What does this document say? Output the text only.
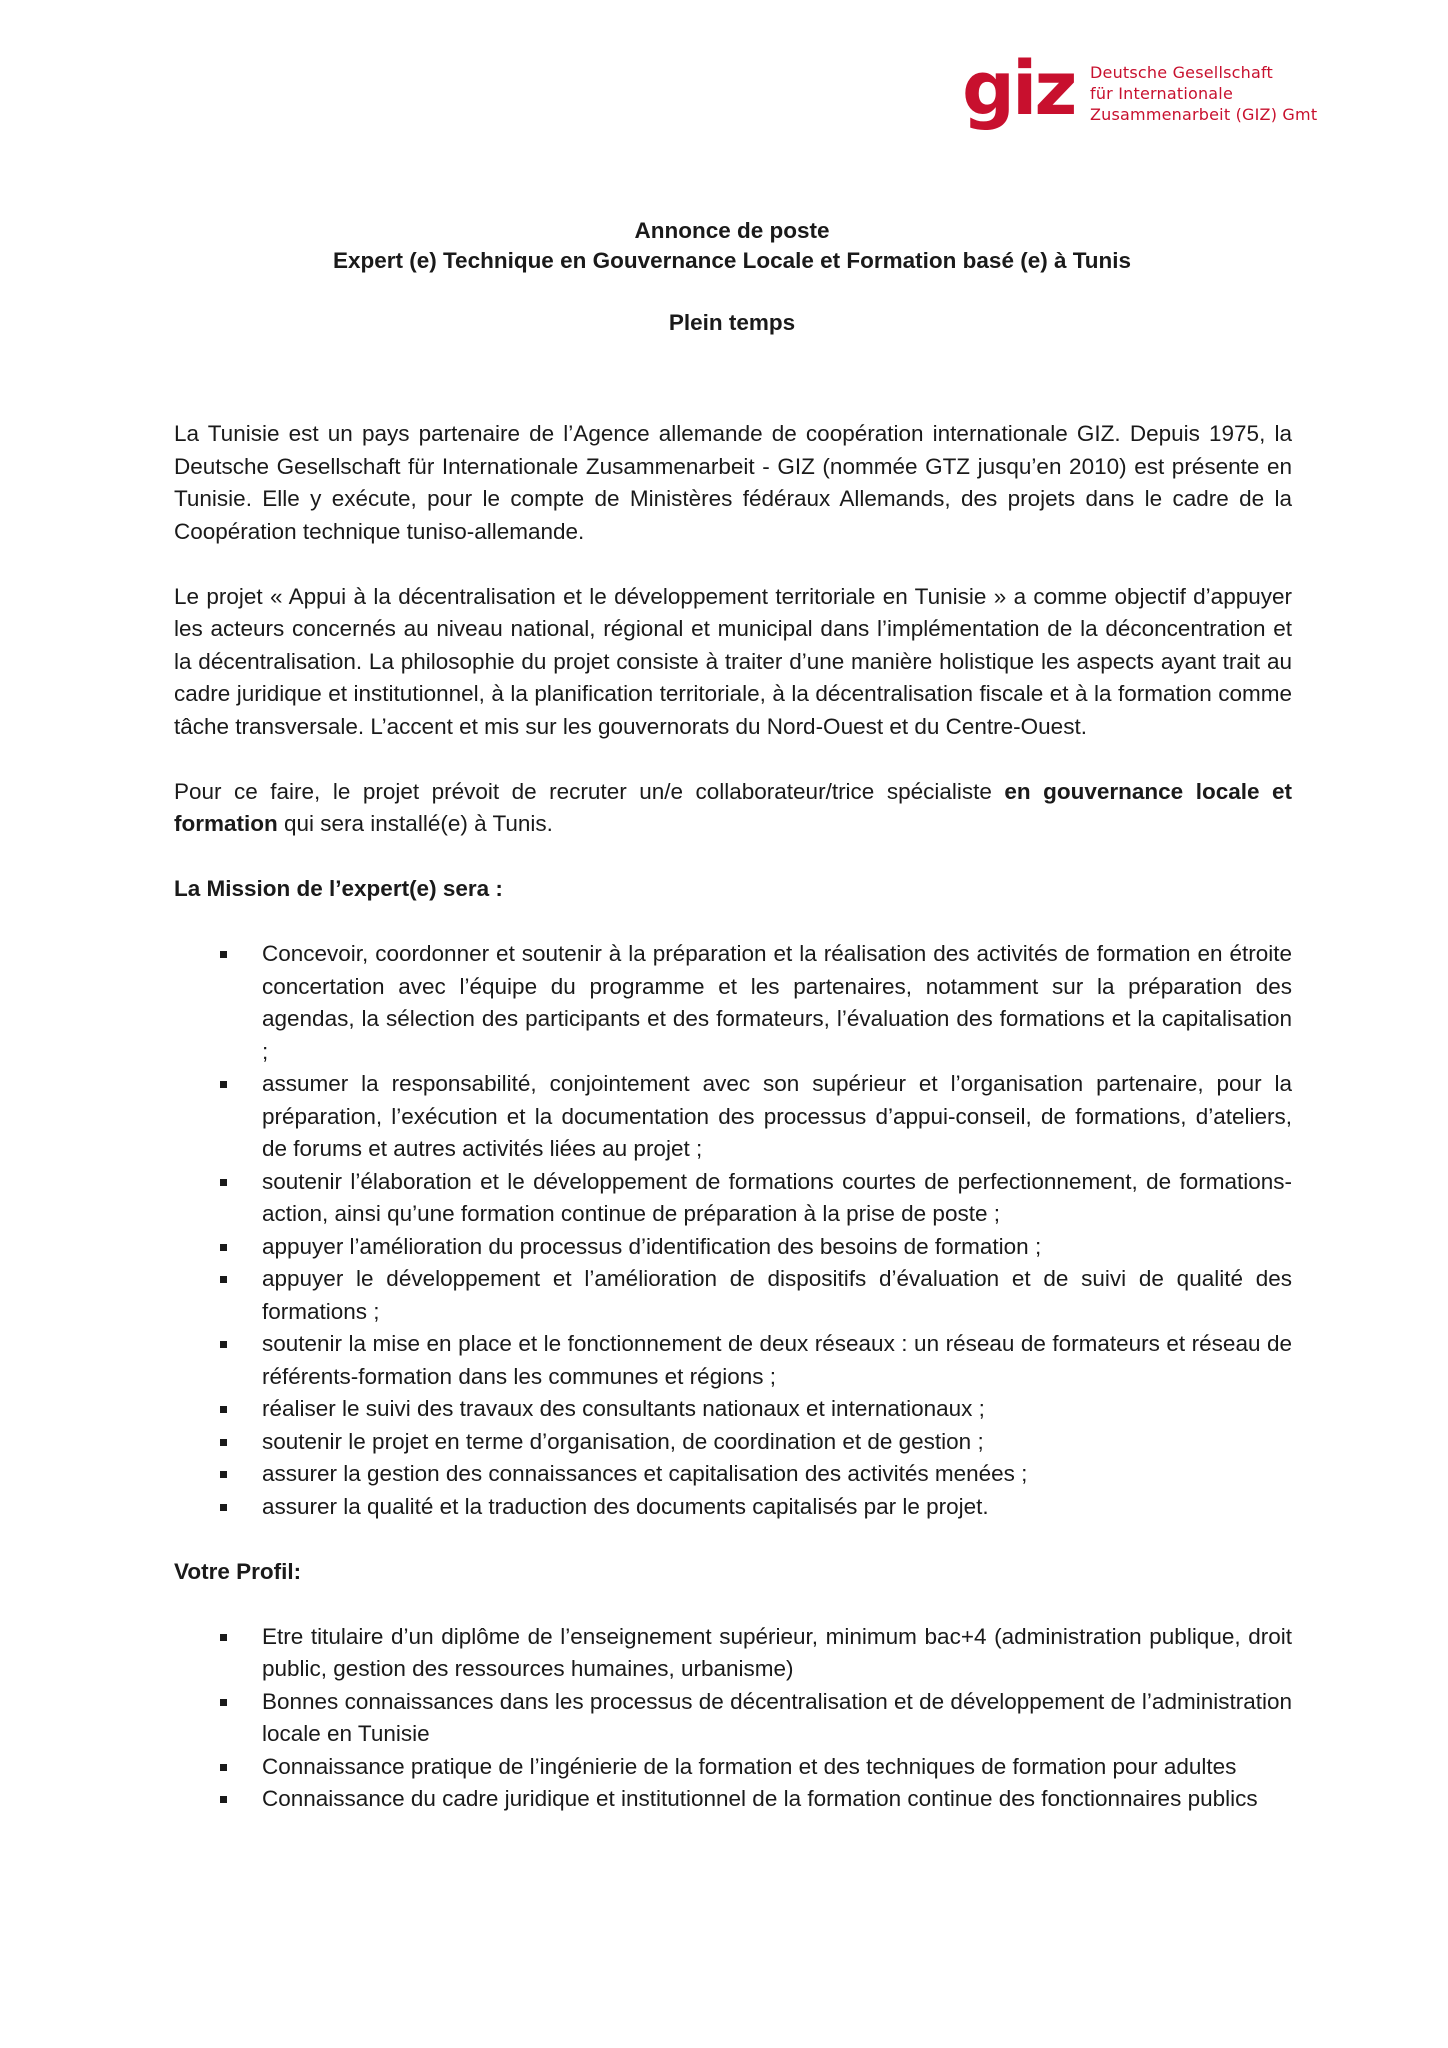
giz Deutsche Gesellschaft
für Internationale
Zusammenarbeit (GIZ) Gmt
Annonce de poste
Expert (e) Technique en Gouvernance Locale et Formation basé (e) à Tunis
Plein temps

La Tunisie est un pays partenaire de l’Agence allemande de coopération internationale GIZ. Depuis 1975, la Deutsche Gesellschaft für Internationale Zusammenarbeit - GIZ (nommée GTZ jusqu’en 2010) est présente en Tunisie. Elle y exécute, pour le compte de Ministères fédéraux Allemands, des projets dans le cadre de la Coopération technique tuniso-allemande.

Le projet « Appui à la décentralisation et le développement territoriale en Tunisie » a comme objectif d’appuyer les acteurs concernés au niveau national, régional et municipal dans l’implémentation de la déconcentration et la décentralisation. La philosophie du projet consiste à traiter d’une manière holistique les aspects ayant trait au cadre juridique et institutionnel, à la planification territoriale, à la décentralisation fiscale et à la formation comme tâche transversale. L’accent et mis sur les gouvernorats du Nord-Ouest et du Centre-Ouest.

Pour ce faire, le projet prévoit de recruter un/e collaborateur/trice spécialiste en gouvernance locale et formation qui sera installé(e) à Tunis.

La Mission de l’expert(e) sera :
Concevoir, coordonner et soutenir à la préparation et la réalisation des activités de formation en étroite concertation avec l’équipe du programme et les partenaires, notamment sur la préparation des agendas, la sélection des participants et des formateurs, l’évaluation des formations et la capitalisation ;
assumer la responsabilité, conjointement avec son supérieur et l’organisation partenaire, pour la préparation, l’exécution et la documentation des processus d’appui-conseil, de formations, d’ateliers, de forums et autres activités liées au projet ;
soutenir l’élaboration et le développement de formations courtes de perfectionnement, de formations-action, ainsi qu’une formation continue de préparation à la prise de poste ;
appuyer l’amélioration du processus d’identification des besoins de formation ;
appuyer le développement et l’amélioration de dispositifs d’évaluation et de suivi de qualité des formations ;
soutenir la mise en place et le fonctionnement de deux réseaux : un réseau de formateurs et réseau de référents-formation dans les communes et régions ;
réaliser le suivi des travaux des consultants nationaux et internationaux ;
soutenir le projet en terme d’organisation, de coordination et de gestion ;
assurer la gestion des connaissances et capitalisation des activités menées ;
assurer la qualité et la traduction des documents capitalisés par le projet.
Votre Profil:
Etre titulaire d’un diplôme de l’enseignement supérieur, minimum bac+4 (administration publique, droit public, gestion des ressources humaines, urbanisme)
Bonnes connaissances dans les processus de décentralisation et de développement de l’administration locale en Tunisie
Connaissance pratique de l’ingénierie de la formation et des techniques de formation pour adultes
Connaissance du cadre juridique et institutionnel de la formation continue des fonctionnaires publics
